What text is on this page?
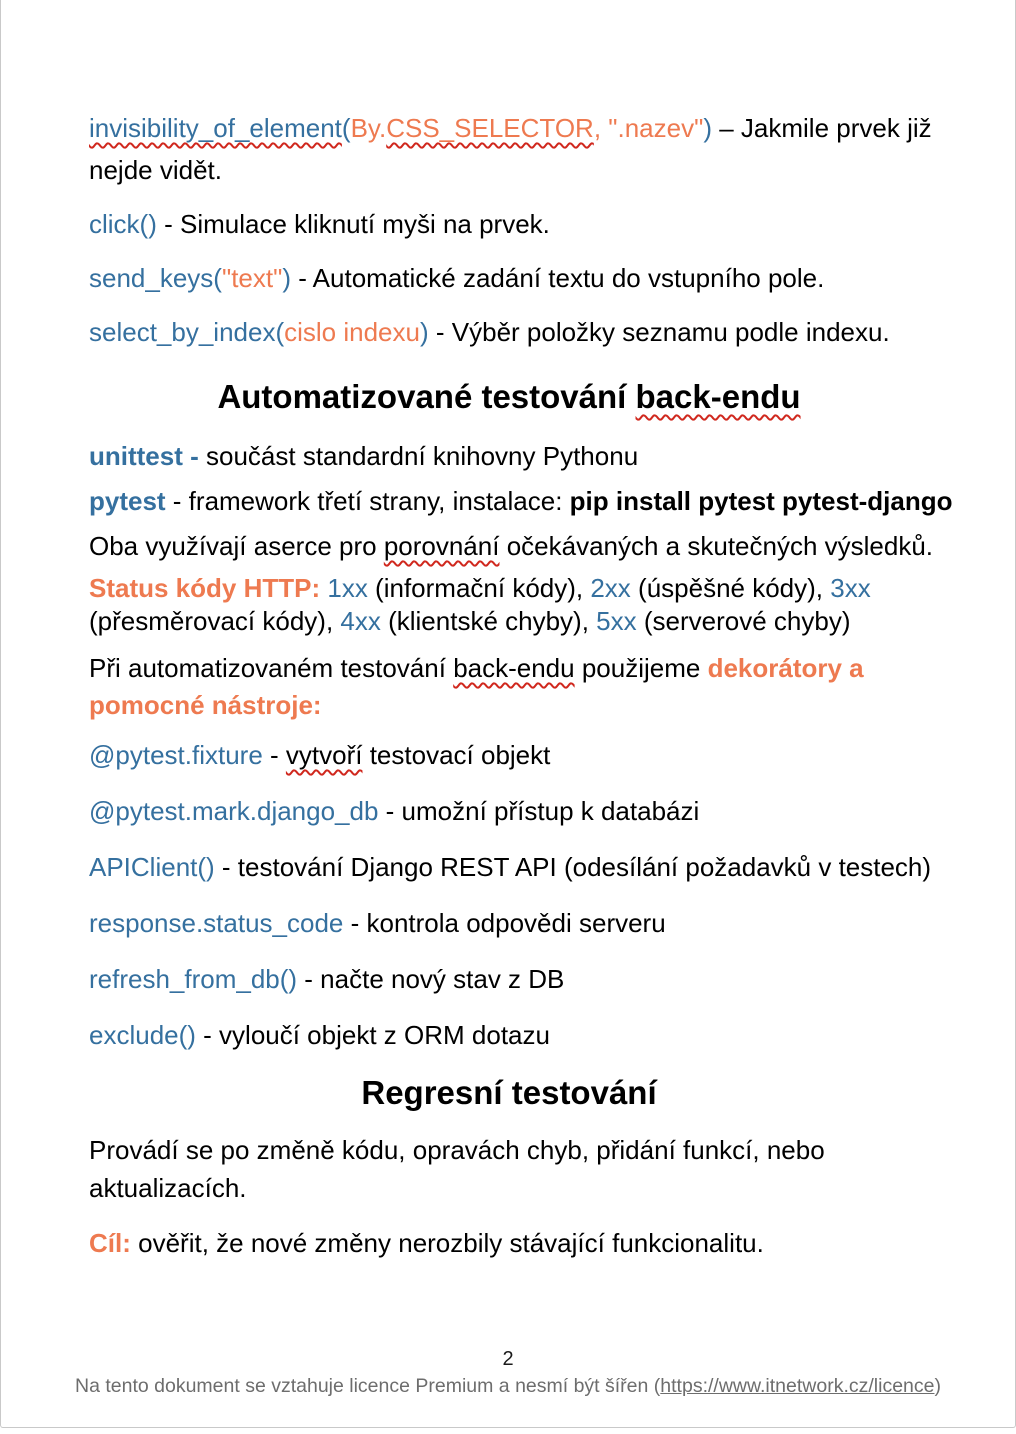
invisibility_of_element(By.CSS_SELECTOR, ".nazev") – Jakmile prvek již
nejde vidět.
click() - Simulace kliknutí myši na prvek.
send_keys("text") - Automatické zadání textu do vstupního pole.
select_by_index(cislo indexu) - Výběr položky seznamu podle indexu.
Automatizované testování back-endu
unittest - součást standardní knihovny Pythonu
pytest - framework třetí strany, instalace: pip install pytest pytest-django
Oba využívají aserce pro porovnání očekávaných a skutečných výsledků.
Status kódy HTTP: 1xx (informační kódy), 2xx (úspěšné kódy), 3xx
(přesměrovací kódy), 4xx (klientské chyby), 5xx (serverové chyby)
Při automatizovaném testování back-endu použijeme dekorátory a
pomocné nástroje:
@pytest.fixture - vytvoří testovací objekt
@pytest.mark.django_db - umožní přístup k databázi
APIClient() - testování Django REST API (odesílání požadavků v testech)
response.status_code - kontrola odpovědi serveru
refresh_from_db() - načte nový stav z DB
exclude() - vyloučí objekt z ORM dotazu
Regresní testování
Provádí se po změně kódu, opravách chyb, přidání funkcí, nebo
aktualizacích.
Cíl: ověřit, že nové změny nerozbily stávající funkcionalitu.
2
Na tento dokument se vztahuje licence Premium a nesmí být šířen (https://www.itnetwork.cz/licence)
